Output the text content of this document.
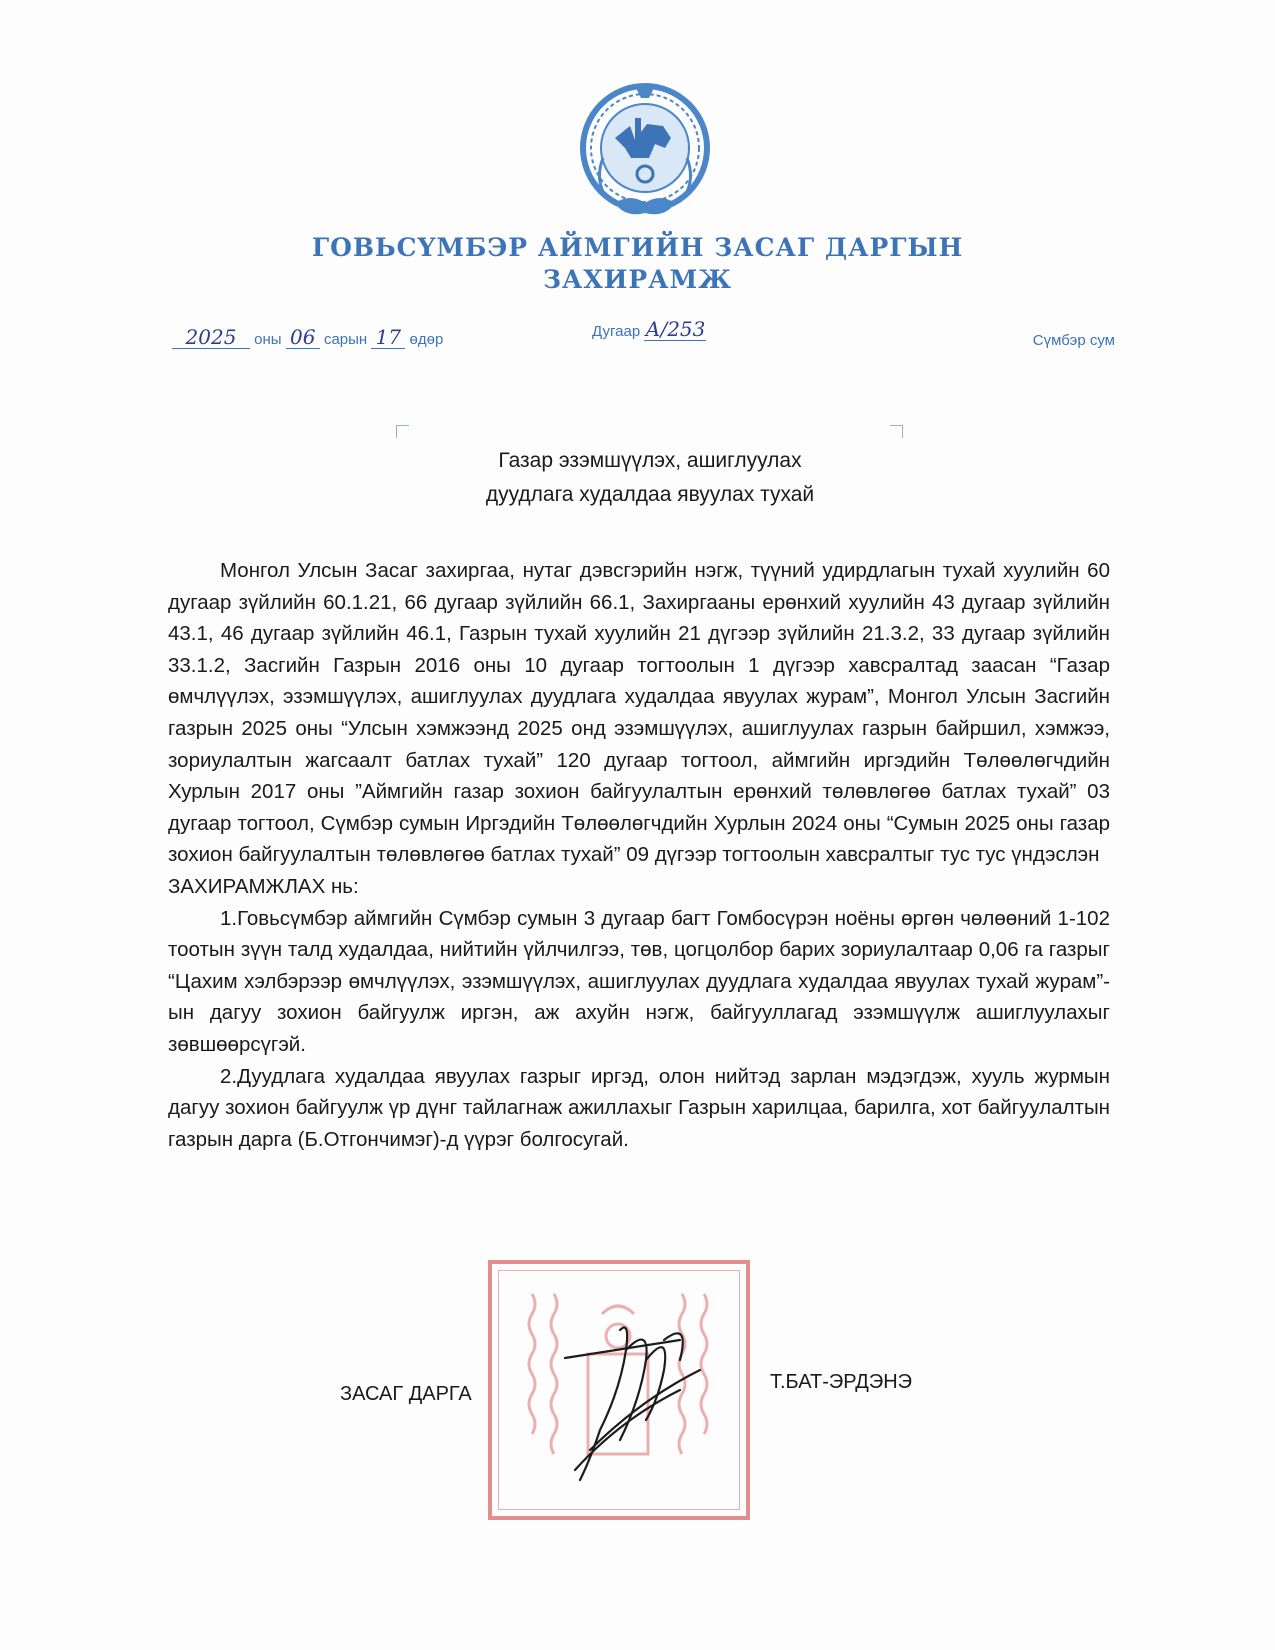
ГОВЬСҮМБЭР АЙМГИЙН ЗАСАГ ДАРГЫН
ЗАХИРАМЖ
2025 оны 06 сарын 17 өдөр	Дугаар А/253	Сүмбэр сум
Газар эзэмшүүлэх, ашиглуулах
дуудлага худалдаа явуулах тухай

Монгол Улсын Засаг захиргаа, нутаг дэвсгэрийн нэгж, түүний удирдлагын тухай хуулийн 60 дугаар зүйлийн 60.1.21, 66 дугаар зүйлийн 66.1, Захиргааны ерөнхий хуулийн 43 дугаар зүйлийн 43.1, 46 дугаар зүйлийн 46.1, Газрын тухай хуулийн 21 дүгээр зүйлийн 21.3.2, 33 дугаар зүйлийн 33.1.2, Засгийн Газрын 2016 оны 10 дугаар тогтоолын 1 дүгээр хавсралтад заасан “Газар өмчлүүлэх, эзэмшүүлэх, ашиглуулах дуудлага худалдаа явуулах журам”, Монгол Улсын Засгийн газрын 2025 оны “Улсын хэмжээнд 2025 онд эзэмшүүлэх, ашиглуулах газрын байршил, хэмжээ, зориулалтын жагсаалт батлах тухай” 120 дугаар тогтоол, аймгийн иргэдийн Төлөөлөгчдийн Хурлын 2017 оны ”Аймгийн газар зохион байгуулалтын ерөнхий төлөвлөгөө батлах тухай” 03 дугаар тогтоол, Сүмбэр сумын Иргэдийн Төлөөлөгчдийн Хурлын 2024 оны “Сумын 2025 оны газар зохион байгуулалтын төлөвлөгөө батлах тухай” 09 дүгээр тогтоолын хавсралтыг тус тус үндэслэн

ЗАХИРАМЖЛАХ нь:

1.Говьсүмбэр аймгийн Сүмбэр сумын 3 дугаар багт Гомбосүрэн ноёны өргөн чөлөөний 1-102 тоотын зүүн талд худалдаа, нийтийн үйлчилгээ, төв, цогцолбор барих зориулалтаар 0,06 га газрыг “Цахим хэлбэрээр өмчлүүлэх, эзэмшүүлэх, ашиглуулах дуудлага худалдаа явуулах тухай журам”-ын дагуу зохион байгуулж иргэн, аж ахуйн нэгж, байгууллагад эзэмшүүлж ашиглуулахыг зөвшөөрсүгэй.

2.Дуудлага худалдаа явуулах газрыг иргэд, олон нийтэд зарлан мэдэгдэж, хууль журмын дагуу зохион байгуулж үр дүнг тайлагнаж ажиллахыг Газрын харилцаа, барилга, хот байгуулалтын газрын дарга (Б.Отгончимэг)-д үүрэг болгосугай.

ЗАСАГ ДАРГА
Т.БАТ-ЭРДЭНЭ
